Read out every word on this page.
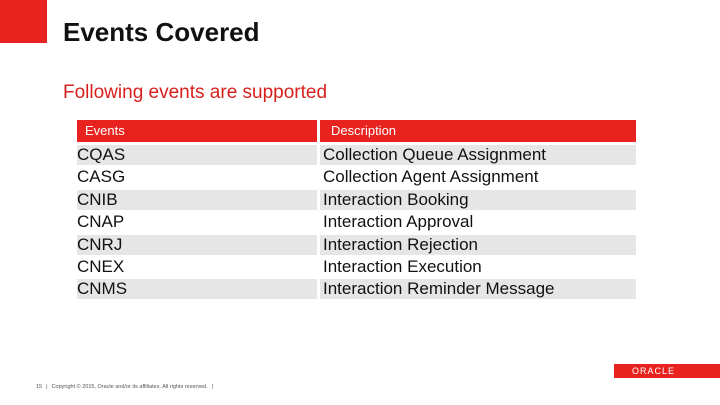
Events Covered
Following events are supported
Events	Description
CQAS	Collection Queue Assignment
CASG	Collection Agent Assignment
CNIB	Interaction Booking
CNAP	Interaction Approval
CNRJ	Interaction Rejection
CNEX	Interaction Execution
CNMS	Interaction Reminder Message
15 | Copyright © 2015, Oracle and/or its affiliates. All rights reserved. |
ORACLE
